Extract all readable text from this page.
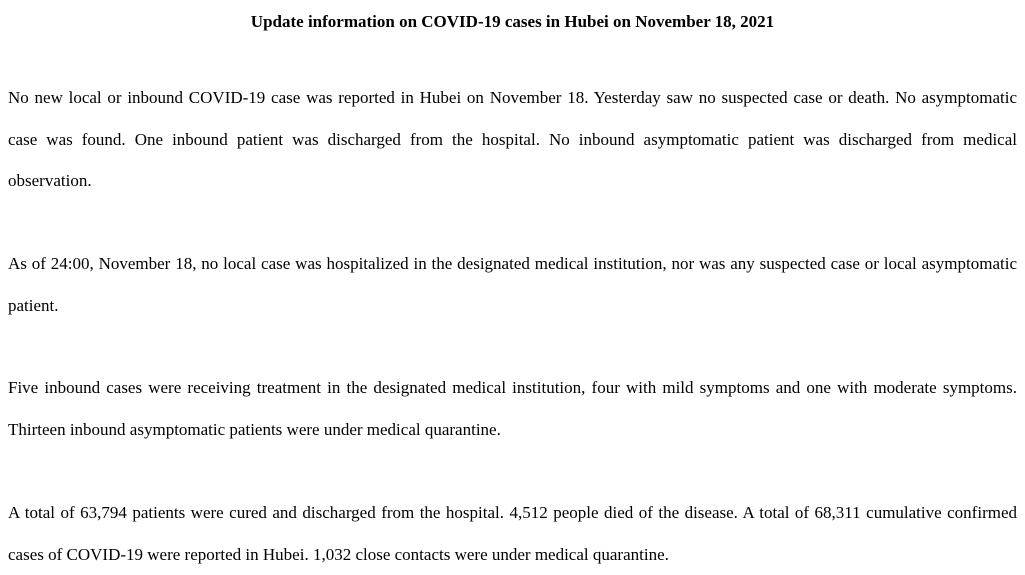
Update information on COVID-19 cases in Hubei on November 18, 2021

No new local or inbound COVID-19 case was reported in Hubei on November 18. Yesterday saw no suspected case or death. No asymptomatic case was found. One inbound patient was discharged from the hospital. No inbound asymptomatic patient was discharged from medical observation.

As of 24:00, November 18, no local case was hospitalized in the designated medical institution, nor was any suspected case or local asymptomatic patient.

Five inbound cases were receiving treatment in the designated medical institution, four with mild symptoms and one with moderate symptoms. Thirteen inbound asymptomatic patients were under medical quarantine.

A total of 63,794 patients were cured and discharged from the hospital. 4,512 people died of the disease. A total of 68,311 cumulative confirmed cases of COVID-19 were reported in Hubei. 1,032 close contacts were under medical quarantine.
